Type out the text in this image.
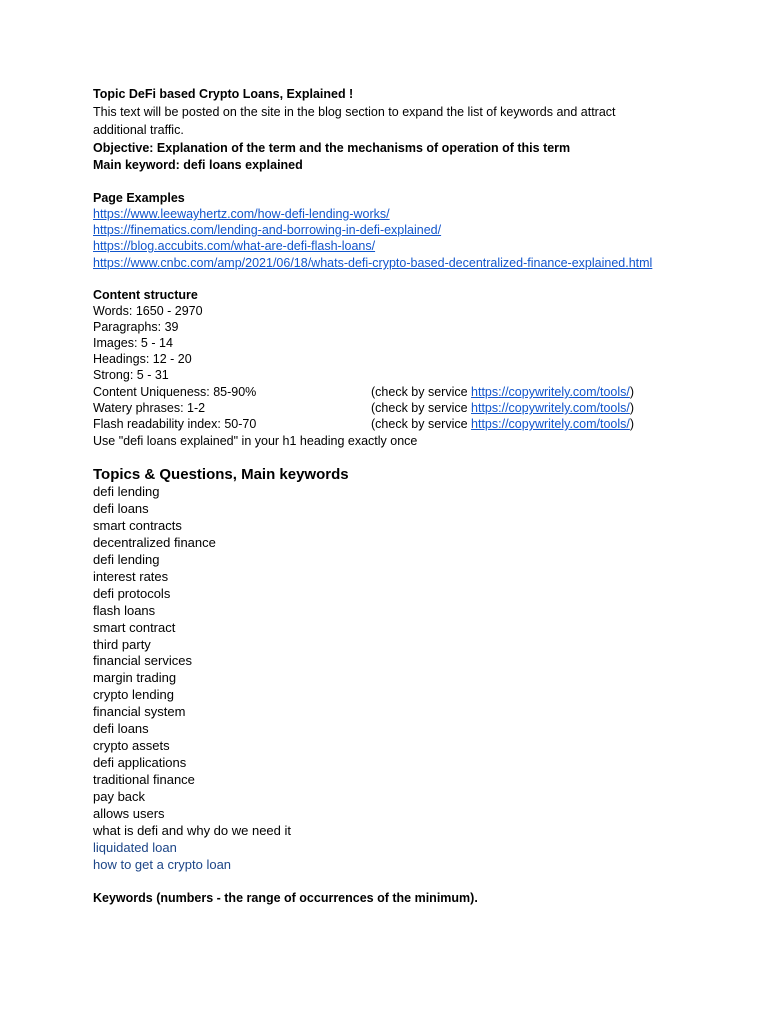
Topic DeFi based Crypto Loans, Explained !
This text will be posted on the site in the blog section to expand the list of keywords and attract
additional traffic.
Objective: Explanation of the term and the mechanisms of operation of this term
Main keyword: defi loans explained
Page Examples
https://www.leewayhertz.com/how-defi-lending-works/
https://finematics.com/lending-and-borrowing-in-defi-explained/
https://blog.accubits.com/what-are-defi-flash-loans/
https://www.cnbc.com/amp/2021/06/18/whats-defi-crypto-based-decentralized-finance-explained.html
Content structure
Words: 1650 - 2970
Paragraphs: 39
Images: 5 - 14
Headings: 12 - 20
Strong: 5 - 31
Content Uniqueness: 85-90%	(check by service https://copywritely.com/tools/)
Watery phrases: 1-2	(check by service https://copywritely.com/tools/)
Flash readability index: 50-70	(check by service https://copywritely.com/tools/)
Use "defi loans explained" in your h1 heading exactly once
Topics & Questions, Main keywords
defi lending
defi loans
smart contracts
decentralized finance
defi lending
interest rates
defi protocols
flash loans
smart contract
third party
financial services
margin trading
crypto lending
financial system
defi loans
crypto assets
defi applications
traditional finance
pay back
allows users
what is defi and why do we need it
liquidated loan
how to get a crypto loan
Keywords (numbers - the range of occurrences of the minimum).
